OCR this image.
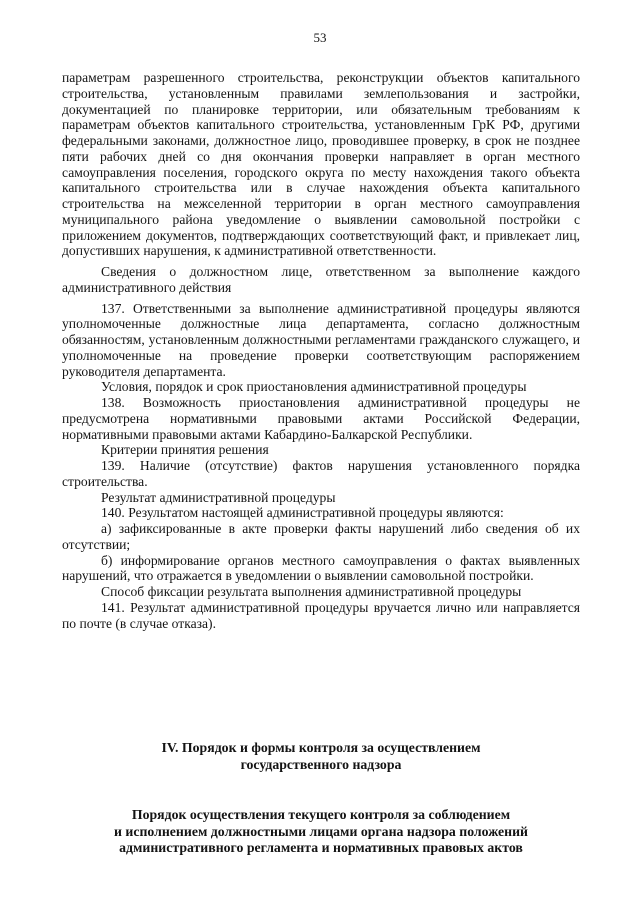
53

параметрам разрешенного строительства, реконструкции объектов капитального строительства, установленным правилами землепользования и застройки, документацией по планировке территории, или обязательным требованиям к параметрам объектов капитального строительства, установленным ГрК РФ, другими федеральными законами, должностное лицо, проводившее проверку, в срок не позднее пяти рабочих дней со дня окончания проверки направляет в орган местного самоуправления поселения, городского округа по месту нахождения такого объекта капитального строительства или в случае нахождения объекта капитального строительства на межселенной территории в орган местного самоуправления муниципального района уведомление о выявлении самовольной постройки с приложением документов, подтверждающих соответствующий факт, и привлекает лиц, допустивших нарушения, к административной ответственности.

Сведения о должностном лице, ответственном за выполнение каждого административного действия

137. Ответственными за выполнение административной процедуры являются уполномоченные должностные лица департамента, согласно должностным обязанностям, установленным должностными регламентами гражданского служащего, и уполномоченные на проведение проверки соответствующим распоряжением руководителя департамента.

Условия, порядок и срок приостановления административной процедуры

138. Возможность приостановления административной процедуры не предусмотрена нормативными правовыми актами Российской Федерации, нормативными правовыми актами Кабардино-Балкарской Республики.

Критерии принятия решения

139. Наличие (отсутствие) фактов нарушения установленного порядка строительства.

Результат административной процедуры

140. Результатом настоящей административной процедуры являются:

а) зафиксированные в акте проверки факты нарушений либо сведения об их отсутствии;

б) информирование органов местного самоуправления о фактах выявленных нарушений, что отражается в уведомлении о выявлении самовольной постройки.

Способ фиксации результата выполнения административной процедуры

141. Результат административной процедуры вручается лично или направляется по почте (в случае отказа).

IV. Порядок и формы контроля за осуществлением
государственного надзора
Порядок осуществления текущего контроля за соблюдением
и исполнением должностными лицами органа надзора положений
административного регламента и нормативных правовых актов
